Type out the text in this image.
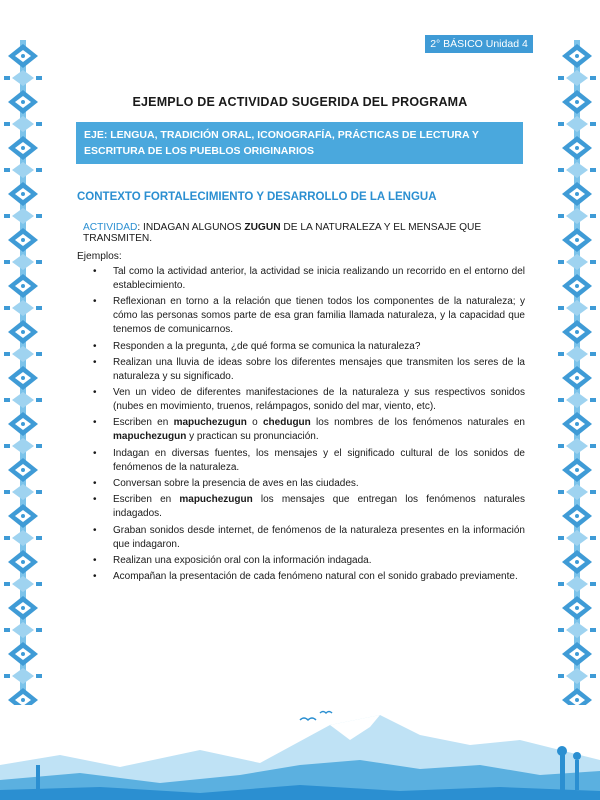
2° BÁSICO Unidad 4
EJEMPLO DE ACTIVIDAD SUGERIDA DEL PROGRAMA
EJE: LENGUA, TRADICIÓN ORAL, ICONOGRAFÍA, PRÁCTICAS DE LECTURA Y ESCRITURA DE LOS PUEBLOS ORIGINARIOS
CONTEXTO FORTALECIMIENTO Y DESARROLLO DE LA LENGUA
ACTIVIDAD: INDAGAN ALGUNOS ZUGUN DE LA NATURALEZA Y EL MENSAJE QUE TRANSMITEN.
Ejemplos:
• Tal como la actividad anterior, la actividad se inicia realizando un recorrido en el entorno del establecimiento.
• Reflexionan en torno a la relación que tienen todos los componentes de la naturaleza; y cómo las personas somos parte de esa gran familia llamada naturaleza, y la capacidad que tenemos de comunicarnos.
• Responden a la pregunta, ¿de qué forma se comunica la naturaleza?
• Realizan una lluvia de ideas sobre los diferentes mensajes que transmiten los seres de la naturaleza y su significado.
• Ven un video de diferentes manifestaciones de la naturaleza y sus respectivos sonidos (nubes en movimiento, truenos, relámpagos, sonido del mar, viento, etc).
• Escriben en mapuchezugun o chedugun los nombres de los fenómenos naturales en mapuchezugun y practican su pronunciación.
• Indagan en diversas fuentes, los mensajes y el significado cultural de los sonidos de fenómenos de la naturaleza.
• Conversan sobre la presencia de aves en las ciudades.
• Escriben en mapuchezugun los mensajes que entregan los fenómenos naturales indagados.
• Graban sonidos desde internet, de fenómenos de la naturaleza presentes en la información que indagaron.
• Realizan una exposición oral con la información indagada.
• Acompañan la presentación de cada fenómeno natural con el sonido grabado previamente.
